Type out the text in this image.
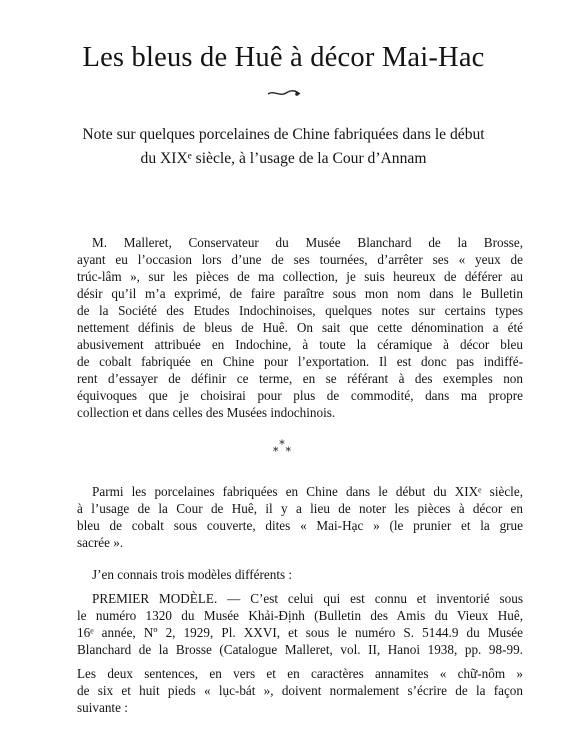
Les bleus de Huê à décor Mai-Hac
Note sur quelques porcelaines de Chine fabriquées dans le début
du XIXᵉ siècle, à l’usage de la Cour d’Annam
M. Malleret, Conservateur du Musée Blanchard de la Brosse,
ayant eu l’occasion lors d’une de ses tournées, d’arrêter ses « yeux de
trúc-lâm », sur les pièces de ma collection, je suis heureux de déférer au
désir qu’il m’a exprimé, de faire paraître sous mon nom dans le Bulletin
de la Société des Etudes Indochinoises, quelques notes sur certains types
nettement définis de bleus de Huê. On sait que cette dénomination a été
abusivement attribuée en Indochine, à toute la céramique à décor bleu
de cobalt fabriquée en Chine pour l’exportation. Il est donc pas indiffé-
rent d’essayer de définir ce terme, en se référant à des exemples non
équivoques que je choisirai pour plus de commodité, dans ma propre
collection et dans celles des Musées indochinois.
*
* *
Parmi les porcelaines fabriquées en Chine dans le début du XIXᵉ siècle,
à l’usage de la Cour de Huê, il y a lieu de noter les pièces à décor en
bleu de cobalt sous couverte, dites « Mai-Hạc » (le prunier et la grue
sacrée ».
J’en connais trois modèles différents :
PREMIER MODÈLE. — C’est celui qui est connu et inventorié sous
le numéro 1320 du Musée Khải-Định (Bulletin des Amis du Vieux Huê,
16ᵉ année, Nº 2, 1929, Pl. XXVI, et sous le numéro S. 5144.9 du Musée
Blanchard de la Brosse (Catalogue Malleret, vol. II, Hanoi 1938, pp. 98-99.
Les deux sentences, en vers et en caractères annamites « chữ-nôm »
de six et huit pieds « lục-bát », doivent normalement s’écrire de la façon
suivante :
